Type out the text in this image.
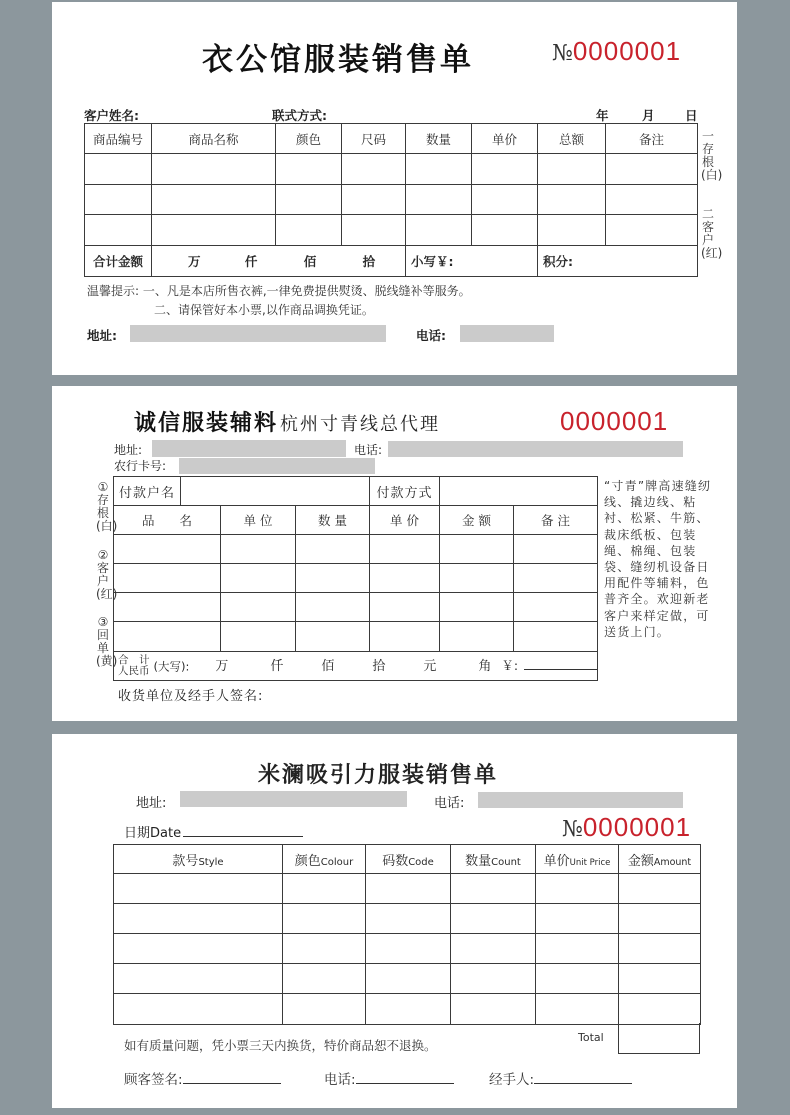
衣公馆服装销售单	№0000001
客户姓名:	联式方式:	年	月 日
商品编号	商品名称	颜色	尺码	数量	单价	总额	备注

合计金额	万 仟 佰 拾			小写￥:		积分:	
一存根(白)
二客户(红)
温馨提示: 一、凡是本店所售衣裤,一律免费提供熨烫、脱线缝补等服务。
二、请保管好本小票,以作商品调换凭证。
地址:	电话:
诚信服装辅料 杭州寸青线总代理	0000001
地址:	电话:
农行卡号:
付款户名				付款方式		
品　　名		单 位	数 量	单 价	金 额	备 注

合　计
人民币 (大写): 万 仟 佰 拾 元 角 ￥:						
①存根(白)
②客户(红)
③回单(黄)
收货单位及经手人签名:
“寸青”牌高速缝纫线、撬边线、粘衬、松紧、牛筋、裁床纸板、包装绳、棉绳、包装袋、缝纫机设备日用配件等辅料，色普齐全。欢迎新老客户来样定做，可送货上门。
米澜吸引力服装销售单
地址:	电话:
日期Date	№0000001
款号Style	颜色Colour	码数Code	数量Count	单价Unit Price	金额Amount

Total
如有质量问题，凭小票三天内换货，特价商品恕不退换。
顾客签名:	电话:	经手人:
